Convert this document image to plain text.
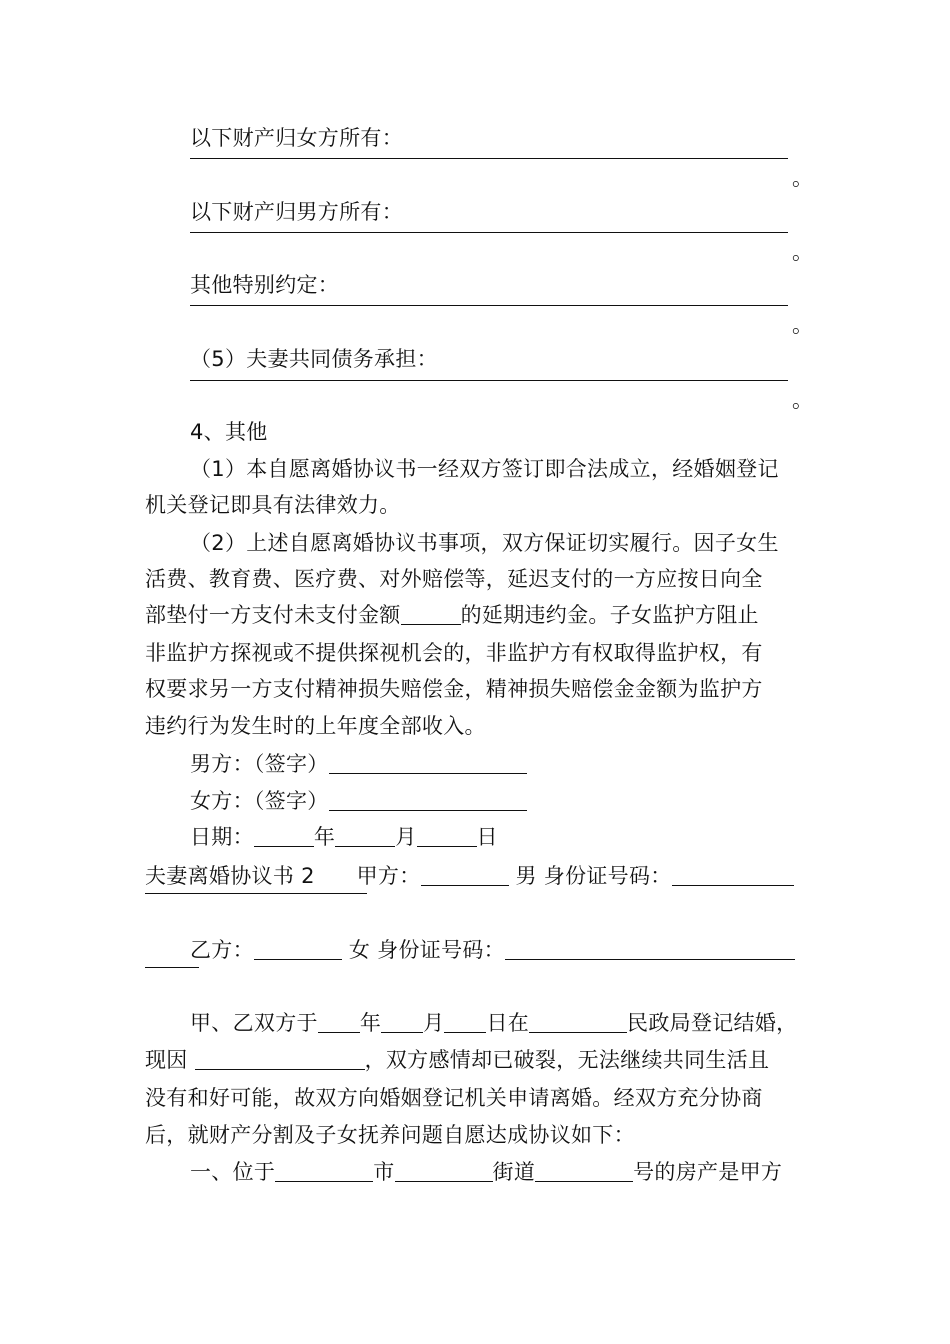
以下财产归女方所有：
。
以下财产归男方所有：
。
其他特别约定：
。
（5）夫妻共同债务承担：
。
4、其他
（1）本自愿离婚协议书一经双方签订即合法成立，经婚姻登记
机关登记即具有法律效力。
（2）上述自愿离婚协议书事项，双方保证切实履行。因子女生
活费、教育费、医疗费、对外赔偿等，延迟支付的一方应按日向全
部垫付一方支付未支付金额	的延期违约金。子女监护方阻止
非监护方探视或不提供探视机会的，非监护方有权取得监护权，有
权要求另一方支付精神损失赔偿金，精神损失赔偿金金额为监护方
违约行为发生时的上年度全部收入。
男方：（签字）
女方：（签字）
日期：	年	月	日
夫妻离婚协议书 2 甲方：	男 身份证号码：
乙方：	女 身份证号码：
甲、乙双方于 年 月 日在	民政局登记结婚，
现因	，双方感情却已破裂，无法继续共同生活且
没有和好可能，故双方向婚姻登记机关申请离婚。经双方充分协商
后，就财产分割及子女抚养问题自愿达成协议如下：
一、位于	市	街道	号的房产是甲方
